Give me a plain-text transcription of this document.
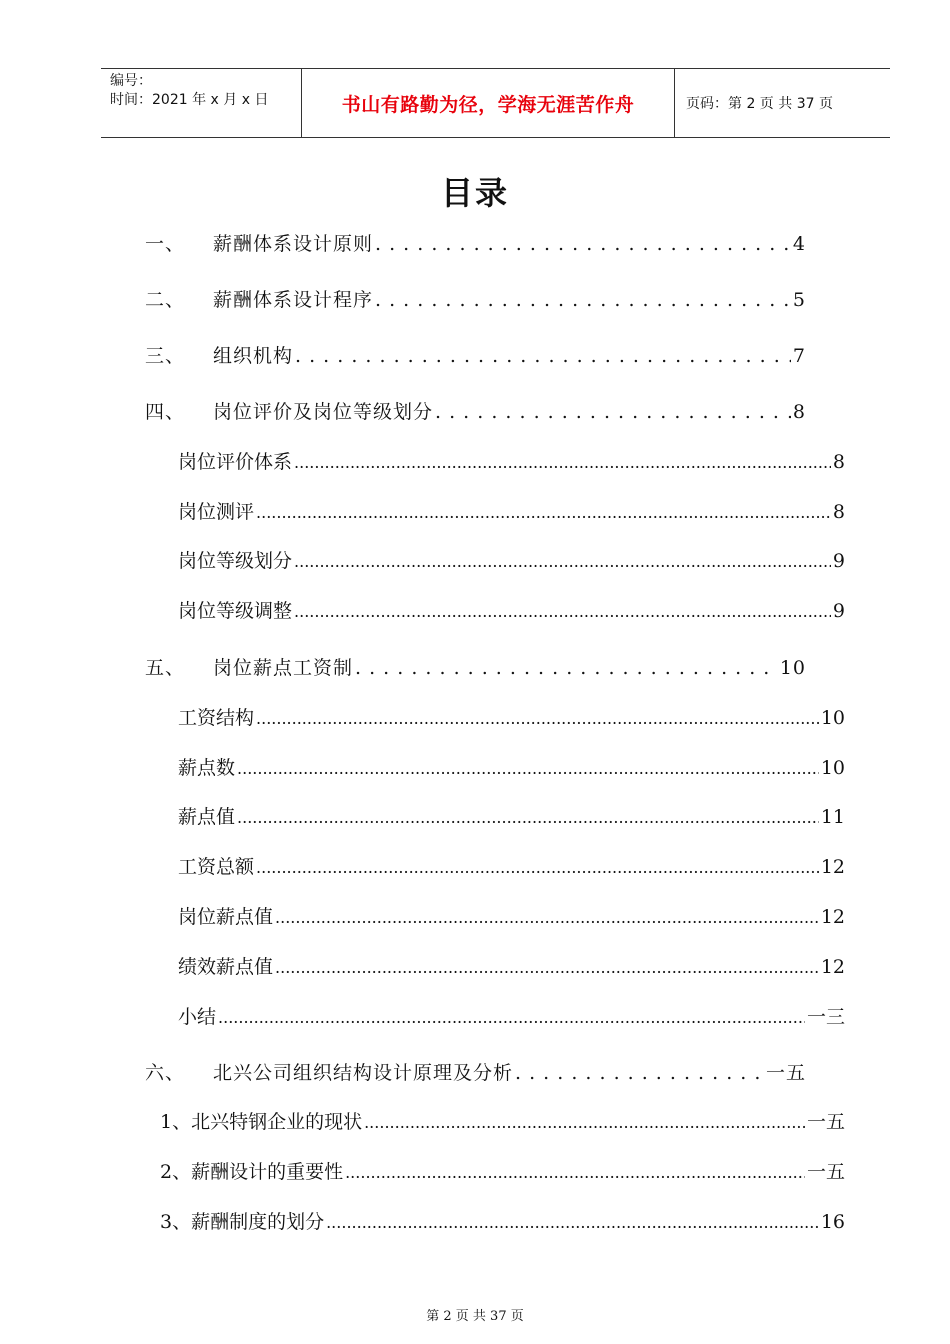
编号：
时间：2021 年 x 月 x 日	书山有路勤为径，学海无涯苦作舟	页码：第 2 页 共 37 页
目录
一、	薪酬体系设计原则 . . .	4
二、	薪酬体系设计程序 . . .	5
三、	组织机构 . . .	7
四、	岗位评价及岗位等级划分 . . .	8
岗位评价体系 .....	8
岗位测评 .....	8
岗位等级划分 .....	9
岗位等级调整 .....	9
五、	岗位薪点工资制 . . .	10
工资结构 .....	10
薪点数 .....	10
薪点值 .....	11
工资总额 .....	12
岗位薪点值 .....	12
绩效薪点值 .....	12
小结 .....	一三
六、	北兴公司组织结构设计原理及分析 . . .	一五
1、北兴特钢企业的现状 .....	一五
2、薪酬设计的重要性 .....	一五
3、薪酬制度的划分 .....	16
第 2 页 共 37 页
